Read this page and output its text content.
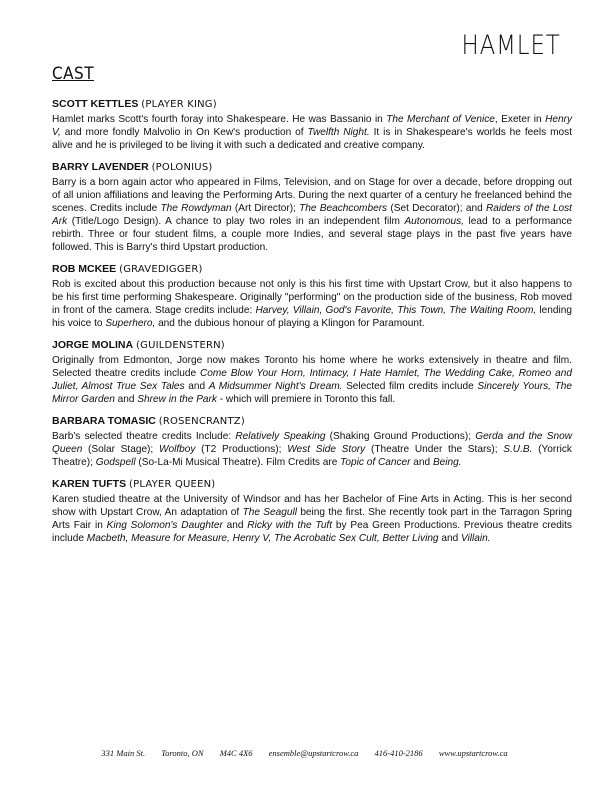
HAMLET
CAST
SCOTT KETTLES (PLAYER KING)

Hamlet marks Scott's fourth foray into Shakespeare. He was Bassanio in The Merchant of Venice, Exeter in Henry V, and more fondly Malvolio in On Kew's production of Twelfth Night. It is in Shakespeare's worlds he feels most alive and he is privileged to be living it with such a dedicated and creative company.

BARRY LAVENDER (POLONIUS)

Barry is a born again actor who appeared in Films, Television, and on Stage for over a decade, before dropping out of all union affiliations and leaving the Performing Arts. During the next quarter of a century he freelanced behind the scenes. Credits include The Rowdyman (Art Director); The Beachcombers (Set Decorator); and Raiders of the Lost Ark (Title/Logo Design). A chance to play two roles in an independent film Autonomous, lead to a performance rebirth. Three or four student films, a couple more Indies, and several stage plays in the past five years have followed. This is Barry's third Upstart production.

ROB MCKEE (GRAVEDIGGER)

Rob is excited about this production because not only is this his first time with Upstart Crow, but it also happens to be his first time performing Shakespeare. Originally "performing" on the production side of the business, Rob moved in front of the camera. Stage credits include: Harvey, Villain, God's Favorite, This Town, The Waiting Room, lending his voice to Superhero, and the dubious honour of playing a Klingon for Paramount.

JORGE MOLINA (GUILDENSTERN)

Originally from Edmonton, Jorge now makes Toronto his home where he works extensively in theatre and film. Selected theatre credits include Come Blow Your Horn, Intimacy, I Hate Hamlet, The Wedding Cake, Romeo and Juliet, Almost True Sex Tales and A Midsummer Night's Dream. Selected film credits include Sincerely Yours, The Mirror Garden and Shrew in the Park - which will premiere in Toronto this fall.

BARBARA TOMASIC (ROSENCRANTZ)

Barb's selected theatre credits Include: Relatively Speaking (Shaking Ground Productions); Gerda and the Snow Queen (Solar Stage); Wolfboy (T2 Productions); West Side Story (Theatre Under the Stars); S.U.B. (Yorrick Theatre); Godspell (So-La-Mi Musical Theatre). Film Credits are Topic of Cancer and Being.

KAREN TUFTS (PLAYER QUEEN)

Karen studied theatre at the University of Windsor and has her Bachelor of Fine Arts in Acting. This is her second show with Upstart Crow, An adaptation of The Seagull being the first. She recently took part in the Tarragon Spring Arts Fair in King Solomon's Daughter and Ricky with the Tuft by Pea Green Productions. Previous theatre credits include Macbeth, Measure for Measure, Henry V, The Acrobatic Sex Cult, Better Living and Villain.

331 Main St. Toronto, ON M4C 4X6 ensemble@upstartcrow.ca 416-410-2186 www.upstartcrow.ca
